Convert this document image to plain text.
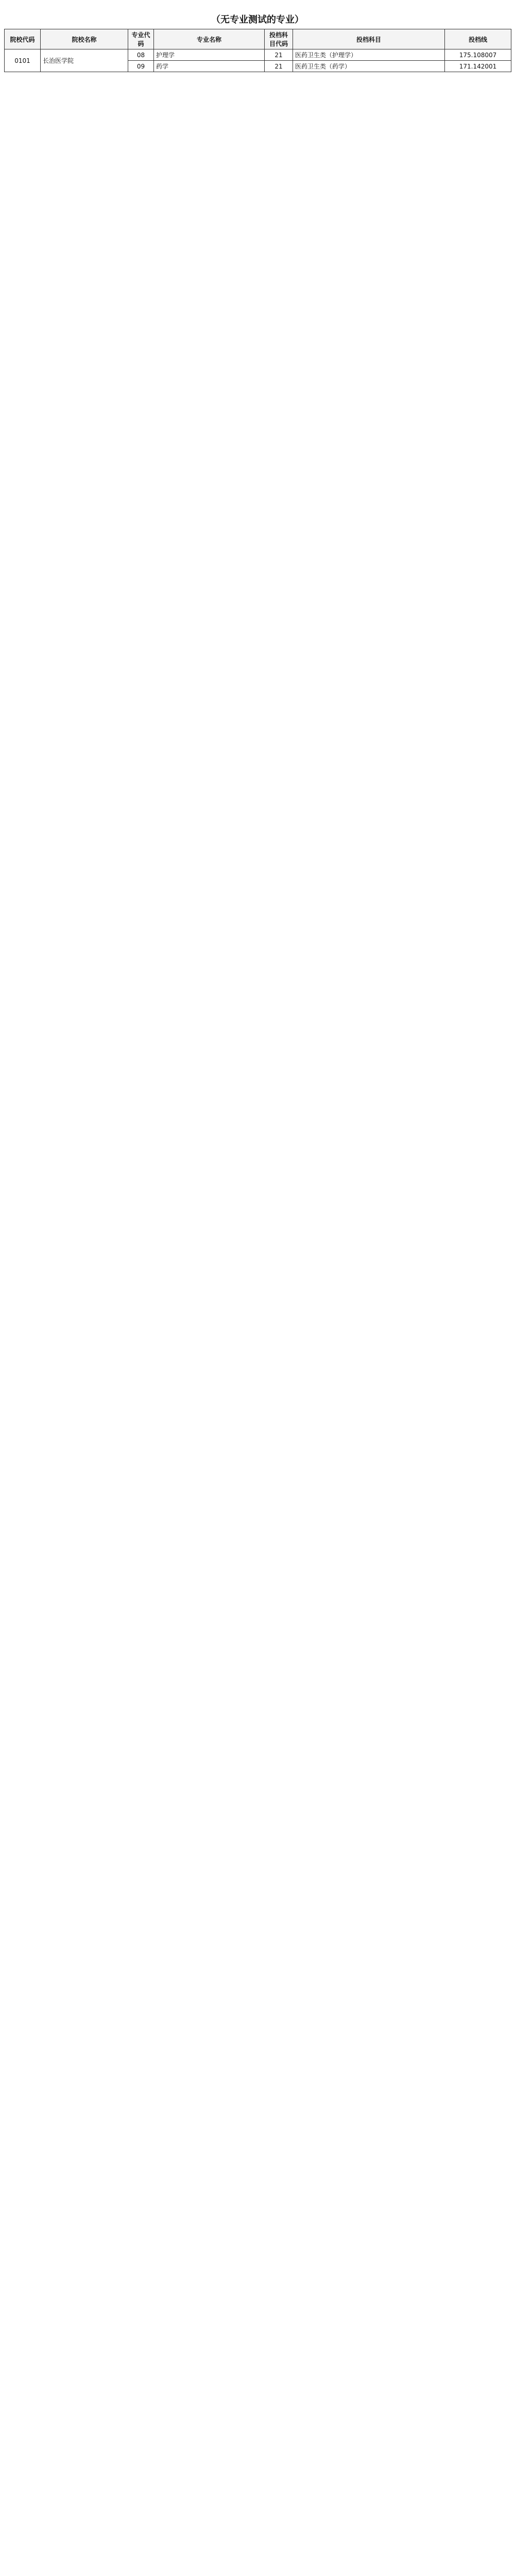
（无专业测试的专业）
院校代码	院校名称	专业代码	专业名称	投档科目代码	投档科目	投档线
0101	长治医学院	08	护理学	21	医药卫生类（护理学）	175.108007
		09	药学	21	医药卫生类（药学）	171.142001
